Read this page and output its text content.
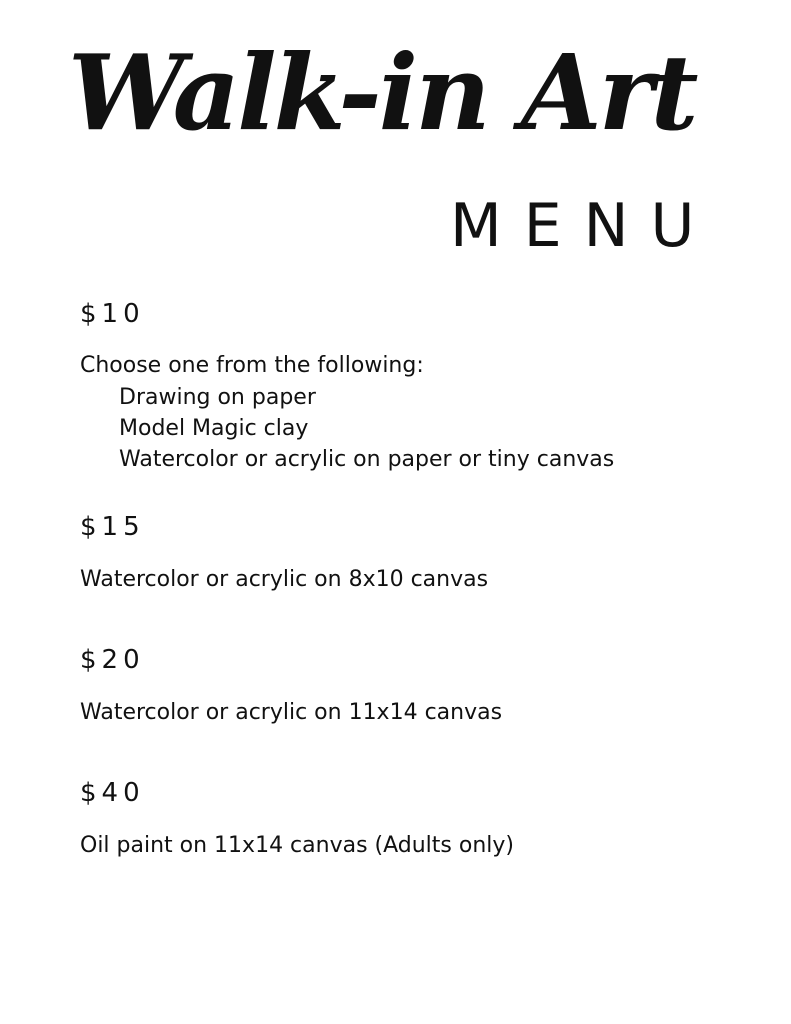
Walk-in Art
MENU

$10

Choose one from the following:

Drawing on paper
Model Magic clay
Watercolor or acrylic on paper or tiny canvas

$15

Watercolor or acrylic on 8x10 canvas

$20

Watercolor or acrylic on 11x14 canvas

$40

Oil paint on 11x14 canvas (Adults only)
